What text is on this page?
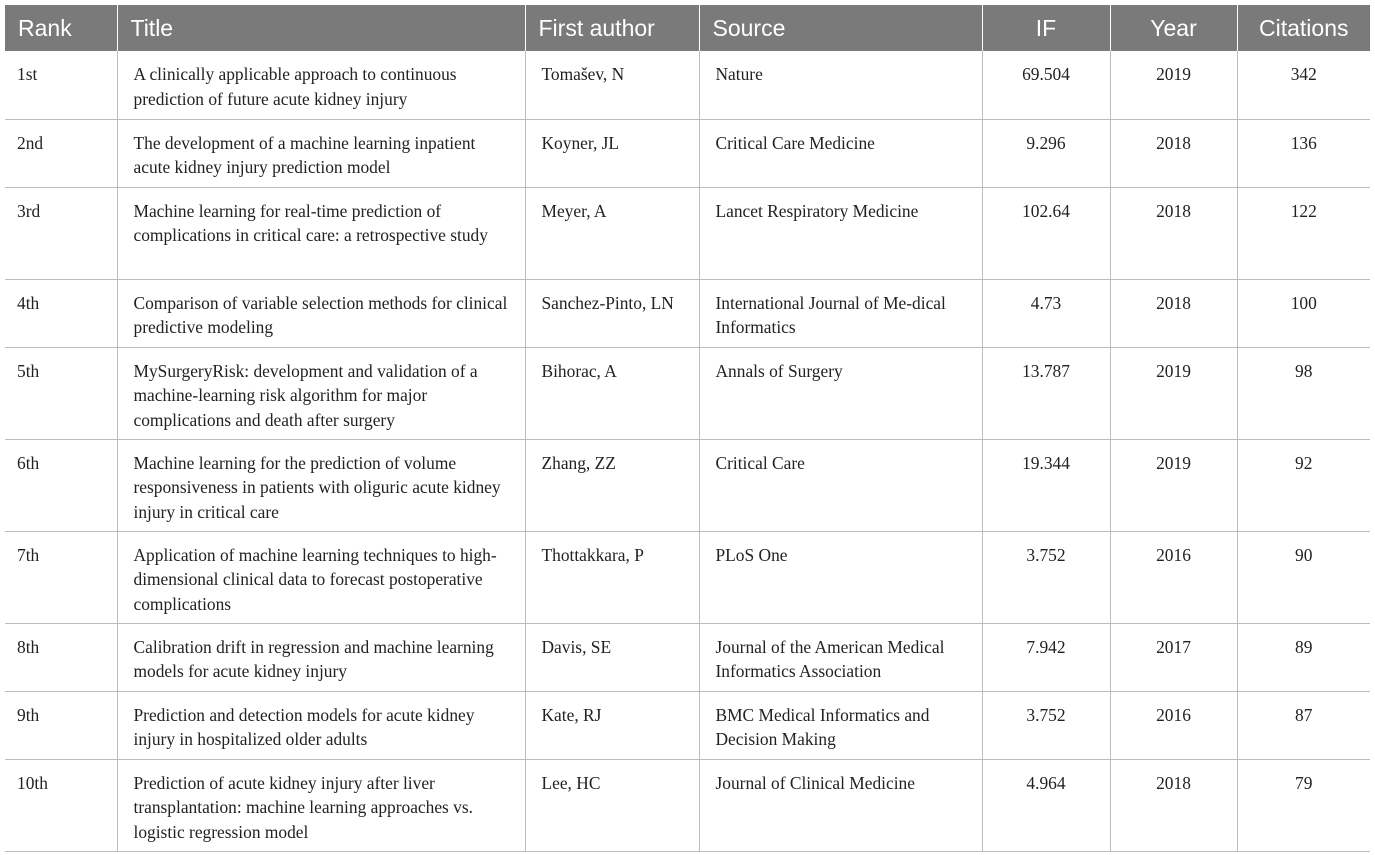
Rank	Title	First author	Source	IF	Year	Citations
1st	A clinically applicable approach to continuous prediction of future acute kidney injury	Tomašev, N	Nature	69.504	2019	342
2nd	The development of a machine learning inpatient acute kidney injury prediction model	Koyner, JL	Critical Care Medicine	9.296	2018	136
3rd	Machine learning for real-time prediction of complications in critical care: a retrospective study	Meyer, A	Lancet Respiratory Medicine	102.64	2018	122
4th	Comparison of variable selection methods for clinical predictive modeling	Sanchez-Pinto, LN	International Journal of Me-dical Informatics	4.73	2018	100
5th	MySurgeryRisk: development and validation of a machine-learning risk algorithm for major complications and death after surgery	Bihorac, A	Annals of Surgery	13.787	2019	98
6th	Machine learning for the prediction of volume responsiveness in patients with oliguric acute kidney injury in critical care	Zhang, ZZ	Critical Care	19.344	2019	92
7th	Application of machine learning techniques to high-dimensional clinical data to forecast postoperative complications	Thottakkara, P	PLoS One	3.752	2016	90
8th	Calibration drift in regression and machine learning models for acute kidney injury	Davis, SE	Journal of the American Medical Informatics Association	7.942	2017	89
9th	Prediction and detection models for acute kidney injury in hospitalized older adults	Kate, RJ	BMC Medical Informatics and Decision Making	3.752	2016	87
10th	Prediction of acute kidney injury after liver transplantation: machine learning approaches vs. logistic regression model	Lee, HC	Journal of Clinical Medicine	4.964	2018	79
